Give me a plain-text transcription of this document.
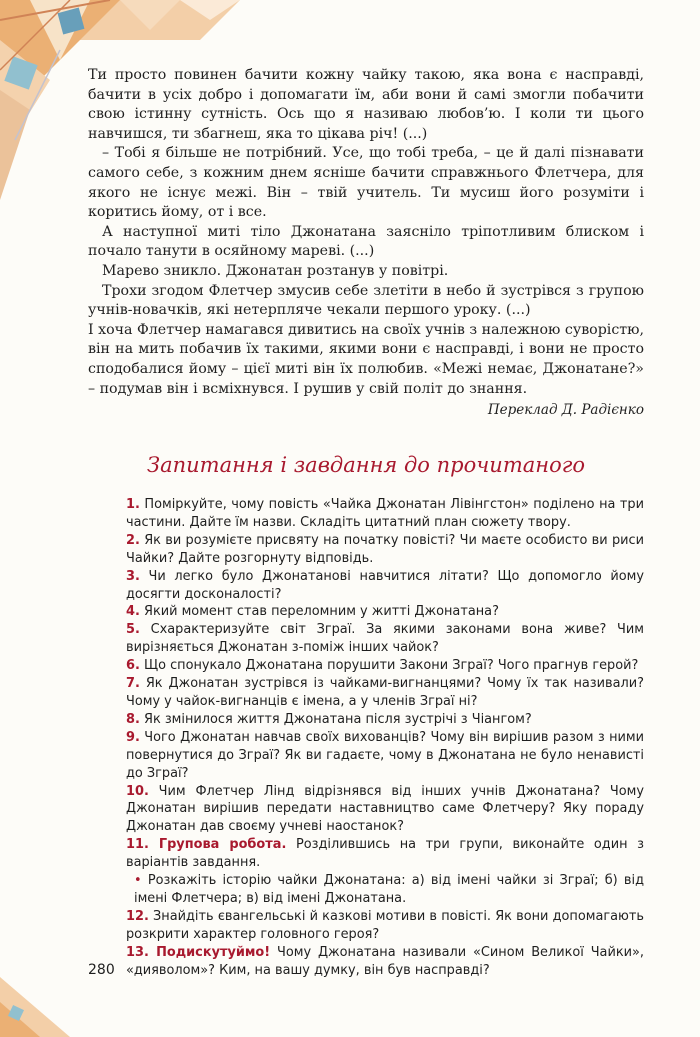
Ти просто повинен бачити кожну чайку такою, яка вона є насправді, бачити в усіх добро і допомагати їм, аби вони й самі змогли побачити свою істинну сутність. Ось що я називаю любов’ю. І коли ти цього навчишся, ти збагнеш, яка то цікава річ! (...)

– Тобі я більше не потрібний. Усе, що тобі треба, – це й далі пізнавати самого себе, з кожним днем ясніше бачити справжнього Флетчера, для якого не існує межі. Він – твій учитель. Ти мусиш його розуміти і коритись йому, от і все.

А наступної миті тіло Джонатана заясніло тріпотливим блиском і почало танути в осяйному мареві. (...)

Марево зникло. Джонатан розтанув у повітрі.

Трохи згодом Флетчер змусив себе злетіти в небо й зустрівся з групою учнів-новачків, які нетерпляче чекали першого уроку. (...)

І хоча Флетчер намагався дивитись на своїх учнів з належною суворістю, він на мить побачив їх такими, якими вони є насправді, і вони не просто сподобалися йому – цієї миті він їх полюбив. «Межі немає, Джонатане?» – подумав він і всміхнувся. І рушив у свій політ до знання.

Переклад Д. Радієнко
Запитання і завдання до прочитаного

1. Поміркуйте, чому повість «Чайка Джонатан Лівінгстон» поділено на три частини. Дайте їм назви. Складіть цитатний план сюжету твору.

2. Як ви розумієте присвяту на початку повісті? Чи маєте особисто ви риси Чайки? Дайте розгорнуту відповідь.

3. Чи легко було Джонатанові навчитися літати? Що допомогло йому досягти досконалості?

4. Який момент став переломним у житті Джонатана?

5. Схарактеризуйте світ Зграї. За якими законами вона живе? Чим вирізняється Джонатан з-поміж інших чайок?

6. Що спонукало Джонатана порушити Закони Зграї? Чого прагнув герой?

7. Як Джонатан зустрівся із чайками-вигнанцями? Чому їх так називали? Чому у чайок-вигнанців є імена, а у членів Зграї ні?

8. Як змінилося життя Джонатана після зустрічі з Чіангом?

9. Чого Джонатан навчав своїх вихованців? Чому він вирішив разом з ними повернутися до Зграї? Як ви гадаєте, чому в Джонатана не було ненависті до Зграї?

10. Чим Флетчер Лінд відрізнявся від інших учнів Джонатана? Чому Джонатан вирішив передати наставництво саме Флетчеру? Яку пораду Джонатан дав своєму учневі наостанок?

11. Групова робота. Розділившись на три групи, виконайте один з варіантів завдання.

• Розкажіть історію чайки Джонатана: а) від імені чайки зі Зграї; б) від імені Флетчера; в) від імені Джонатана.

12. Знайдіть євангельські й казкові мотиви в повісті. Як вони допомагають розкрити характер головного героя?

13. Подискутуймо! Чому Джонатана називали «Сином Великої Чайки», «дияволом»? Ким, на вашу думку, він був насправді?

280
